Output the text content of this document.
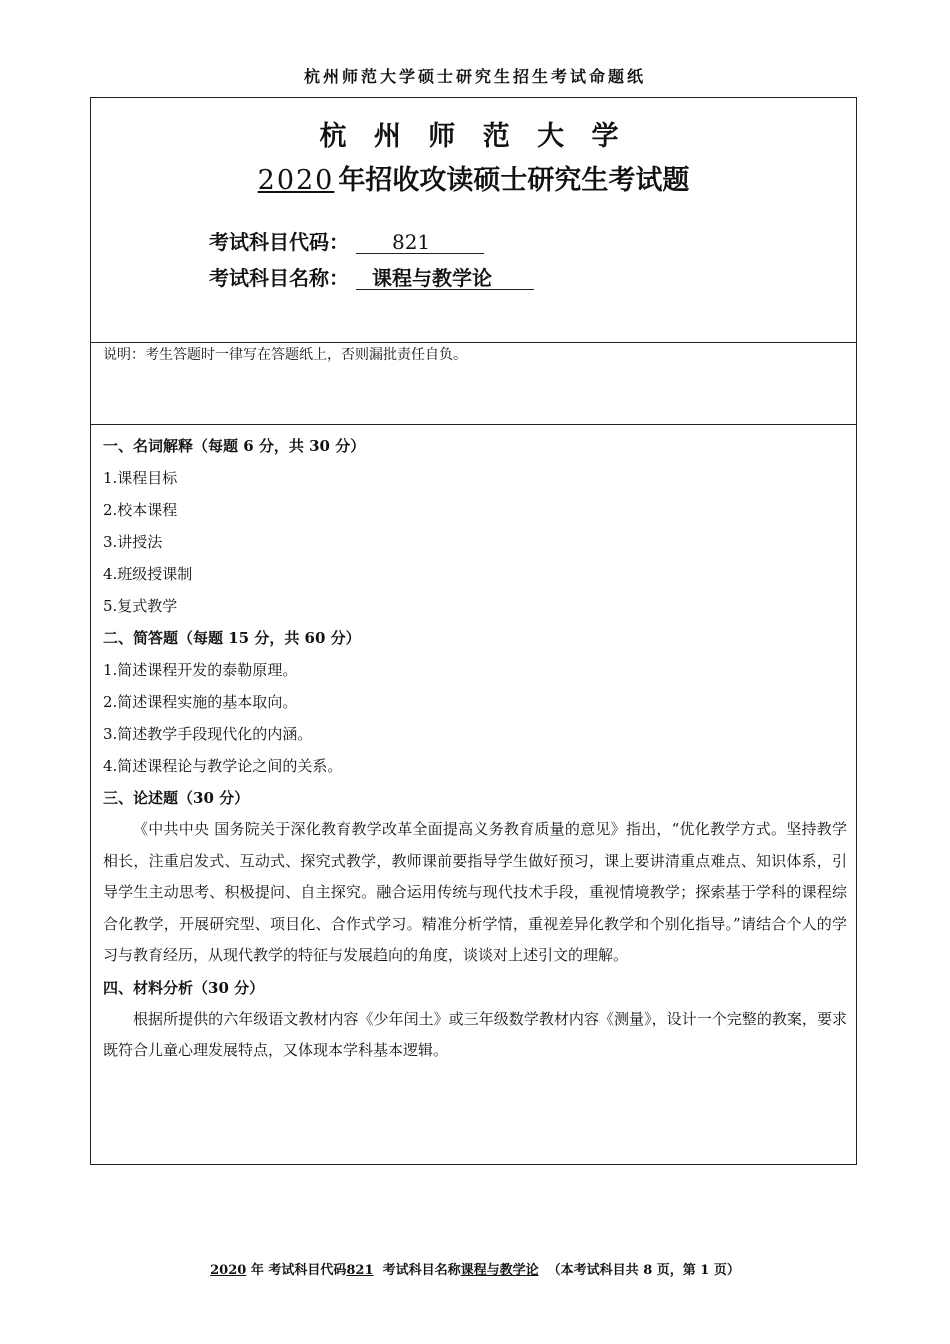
杭州师范大学硕士研究生招生考试命题纸
杭 州 师 范 大 学
2020 年招收攻读硕士研究生考试题
考试科目代码： 821
考试科目名称： 课程与教学论
说明：考生答题时一律写在答题纸上，否则漏批责任自负。
一、名词解释（每题 6 分，共 30 分）
1.课程目标
2.校本课程
3.讲授法
4.班级授课制
5.复式教学
二、简答题（每题 15 分，共 60 分）
1.简述课程开发的泰勒原理。
2.简述课程实施的基本取向。
3.简述教学手段现代化的内涵。
4.简述课程论与教学论之间的关系。
三、论述题（30 分）

《中共中央 国务院关于深化教育教学改革全面提高义务教育质量的意见》指出，“优化教学方式。坚持教学相长，注重启发式、互动式、探究式教学，教师课前要指导学生做好预习，课上要讲清重点难点、知识体系，引导学生主动思考、积极提问、自主探究。融合运用传统与现代技术手段，重视情境教学；探索基于学科的课程综合化教学，开展研究型、项目化、合作式学习。精准分析学情，重视差异化教学和个别化指导。”请结合个人的学习与教育经历，从现代教学的特征与发展趋向的角度，谈谈对上述引文的理解。

四、材料分析（30 分）

根据所提供的六年级语文教材内容《少年闰土》或三年级数学教材内容《测量》，设计一个完整的教案，要求既符合儿童心理发展特点，又体现本学科基本逻辑。

2020 年 考试科目代码821 考试科目名称课程与教学论 （本考试科目共 8 页，第 1 页）
